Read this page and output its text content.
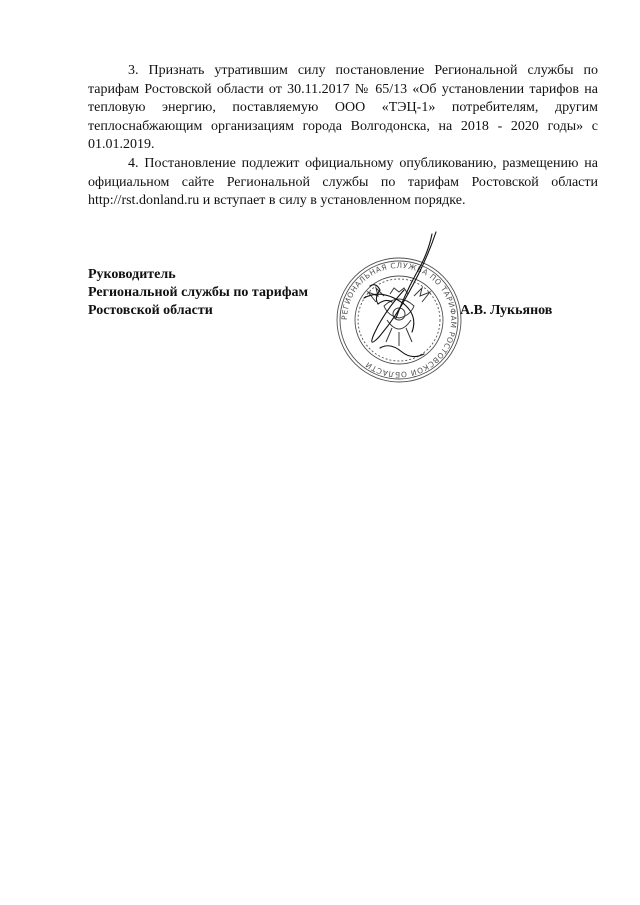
3. Признать утратившим силу постановление Региональной службы по тарифам Ростовской области от 30.11.2017 № 65/13 «Об установлении тарифов на тепловую энергию, поставляемую ООО «ТЭЦ-1» потребителям, другим теплоснабжающим организациям города Волгодонска, на 2018 - 2020 годы» с 01.01.2019.

4. Постановление подлежит официальному опубликованию, размещению на официальном сайте Региональной службы по тарифам Ростовской области http://rst.donland.ru и вступает в силу в установленном порядке.

Руководитель
Региональной службы по тарифам
Ростовской области	РЕГИОНАЛЬНАЯ СЛУЖБА ПО ТАРИФАМ РОСТОВСКОЙ ОБЛАСТИ
А.В. Лукьянов
